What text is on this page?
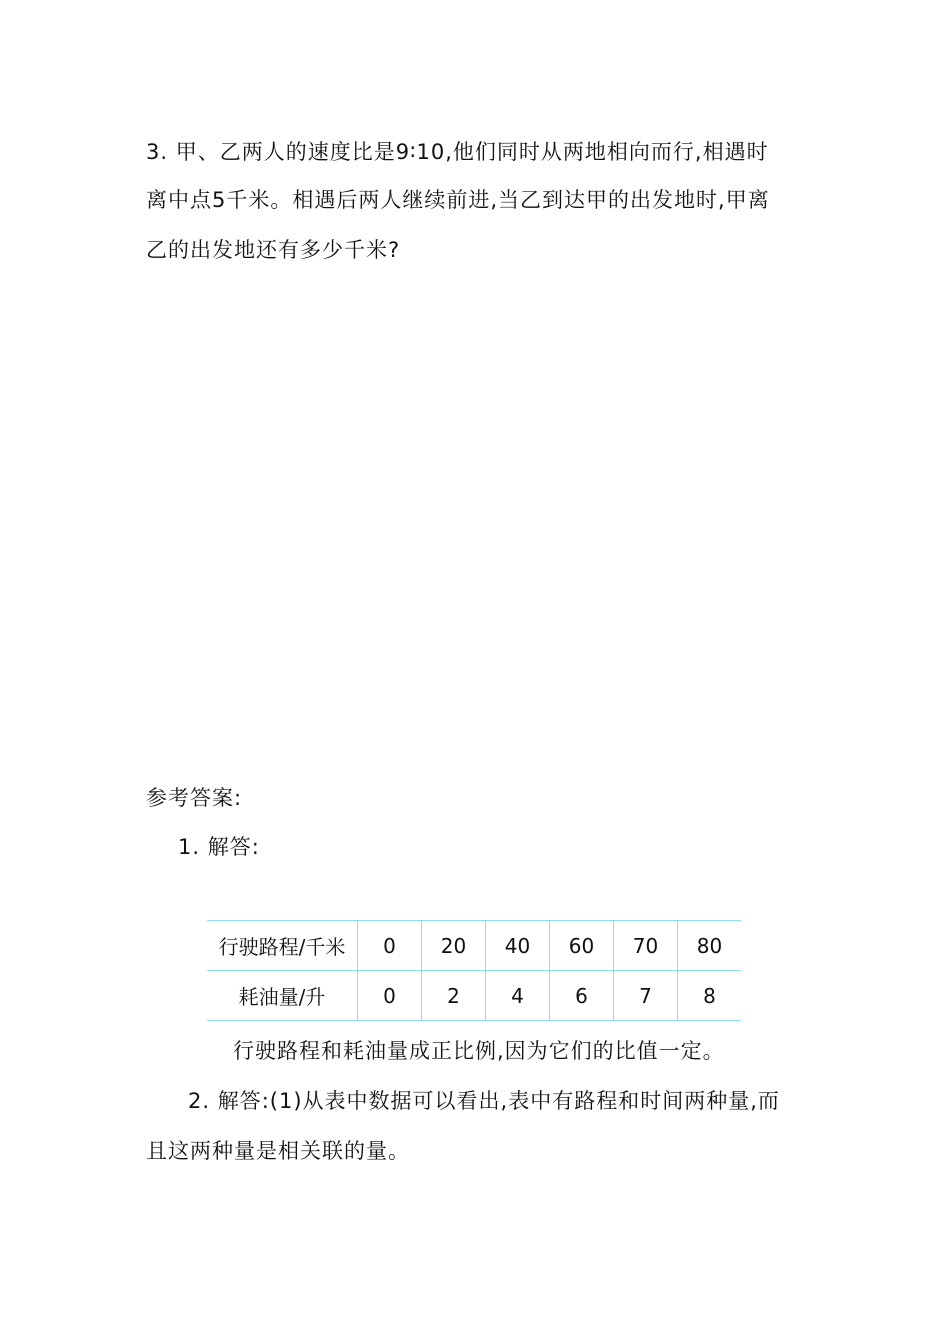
3. 甲、乙两人的速度比是9∶10,他们同时从两地相向而行,相遇时
离中点5千米。相遇后两人继续前进,当乙到达甲的出发地时,甲离
乙的出发地还有多少千米?
参考答案:
1. 解答:
行驶路程/千米	0	20	40	60	70	80
耗油量/升	0	2	4	6	7	8
行驶路程和耗油量成正比例,因为它们的比值一定。
2. 解答:(1)从表中数据可以看出,表中有路程和时间两种量,而
且这两种量是相关联的量。
